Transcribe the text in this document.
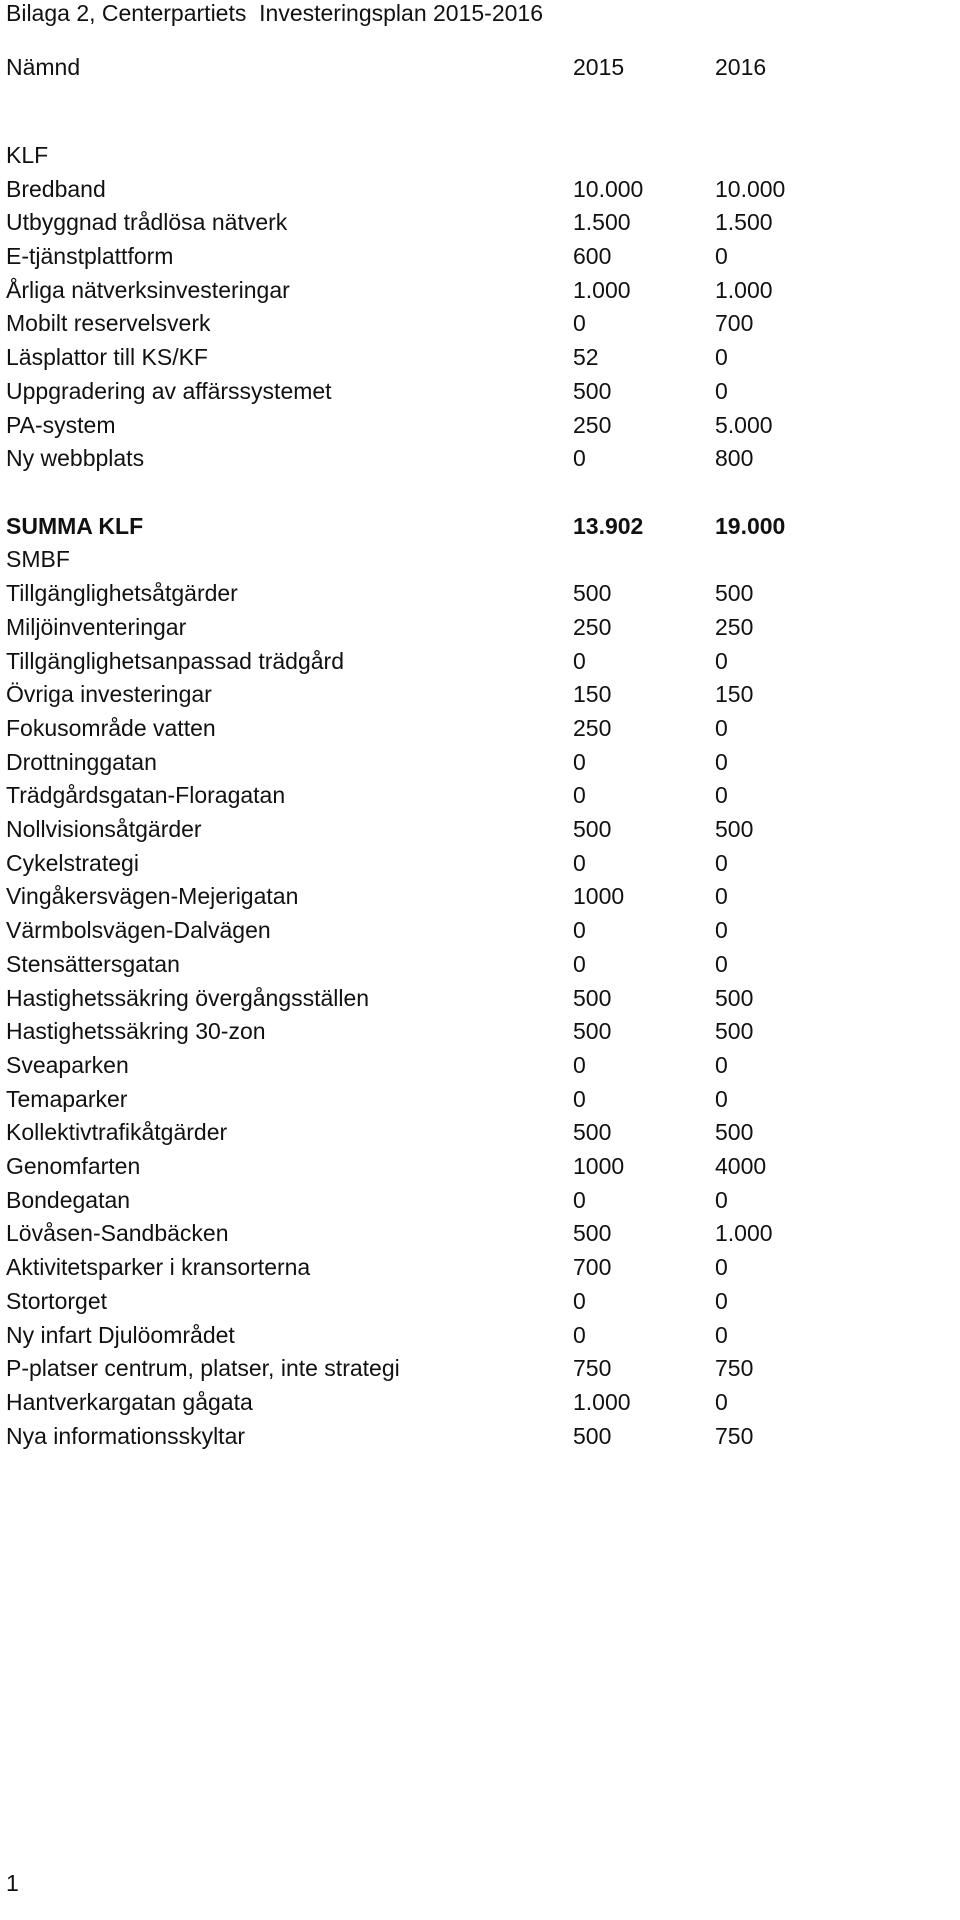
Bilaga 2, Centerpartiets  Investeringsplan 2015-2016
Nämnd	2015	2016
KLF
Bredband	10.000	10.000
Utbyggnad trådlösa nätverk	1.500	1.500
E-tjänstplattform	600	0
Årliga nätverksinvesteringar	1.000	1.000
Mobilt reservelsverk	0	700
Läsplattor till KS/KF	52	0
Uppgradering av affärssystemet	500	0
PA-system	250	5.000
Ny webbplats	0	800
SUMMA KLF	13.902	19.000
SMBF
Tillgänglighetsåtgärder	500	500
Miljöinventeringar	250	250
Tillgänglighetsanpassad trädgård	0	0
Övriga investeringar	150	150
Fokusområde vatten	250	0
Drottninggatan	0	0
Trädgårdsgatan-Floragatan	0	0
Nollvisionsåtgärder	500	500
Cykelstrategi	0	0
Vingåkersvägen-Mejerigatan	1000	0
Värmbolsvägen-Dalvägen	0	0
Stensättersgatan	0	0
Hastighetssäkring övergångsställen	500	500
Hastighetssäkring 30-zon	500	500
Sveaparken	0	0
Temaparker	0	0
Kollektivtrafikåtgärder	500	500
Genomfarten	1000	4000
Bondegatan	0	0
Lövåsen-Sandbäcken	500	1.000
Aktivitetsparker i kransorterna	700	0
Stortorget	0	0
Ny infart Djulöområdet	0	0
P-platser centrum, platser, inte strategi	750	750
Hantverkargatan gågata	1.000	0
Nya informationsskyltar	500	750
1
